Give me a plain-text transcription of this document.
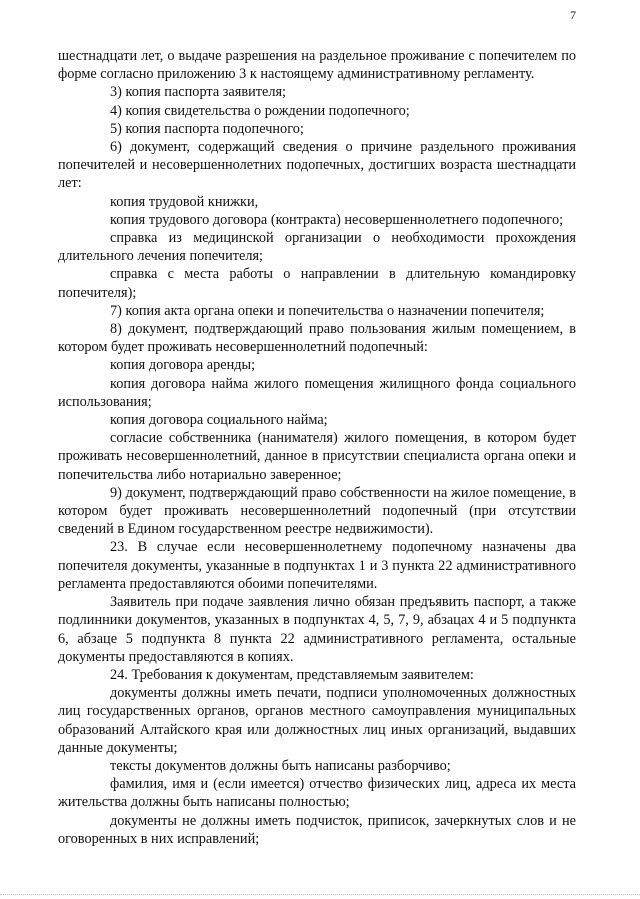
7

шестнадцати лет, о выдаче разрешения на раздельное проживание с попечителем по форме согласно приложению 3 к настоящему административному регламенту.

3) копия паспорта заявителя;

4) копия свидетельства о рождении подопечного;

5) копия паспорта подопечного;

6) документ, содержащий сведения о причине раздельного проживания попечителей и несовершеннолетних подопечных, достигших возраста шестнадцати лет:

копия трудовой книжки,

копия трудового договора (контракта) несовершеннолетнего подопечного;

справка из медицинской организации о необходимости прохождения длительного лечения попечителя;

справка с места работы о направлении в длительную командировку попечителя);

7) копия акта органа опеки и попечительства о назначении попечителя;

8) документ, подтверждающий право пользования жилым помещением, в котором будет проживать несовершеннолетний подопечный:

копия договора аренды;

копия договора найма жилого помещения жилищного фонда социального использования;

копия договора социального найма;

согласие собственника (нанимателя) жилого помещения, в котором будет проживать несовершеннолетний, данное в присутствии специалиста органа опеки и попечительства либо нотариально заверенное;

9) документ, подтверждающий право собственности на жилое помещение, в котором будет проживать несовершеннолетний подопечный (при отсутствии сведений в Едином государственном реестре недвижимости).

23. В случае если несовершеннолетнему подопечному назначены два попечителя документы, указанные в подпунктах 1 и 3 пункта 22 административного регламента предоставляются обоими попечителями.

Заявитель при подаче заявления лично обязан предъявить паспорт, а также подлинники документов, указанных в подпунктах 4, 5, 7, 9, абзацах 4 и 5 подпункта 6, абзаце 5 подпункта 8 пункта 22 административного регламента, остальные документы предоставляются в копиях.

24. Требования к документам, представляемым заявителем:

документы должны иметь печати, подписи уполномоченных должностных лиц государственных органов, органов местного самоуправления муниципальных образований Алтайского края или должностных лиц иных организаций, выдавших данные документы;

тексты документов должны быть написаны разборчиво;

фамилия, имя и (если имеется) отчество физических лиц, адреса их места жительства должны быть написаны полностью;

документы не должны иметь подчисток, приписок, зачеркнутых слов и не оговоренных в них исправлений;
